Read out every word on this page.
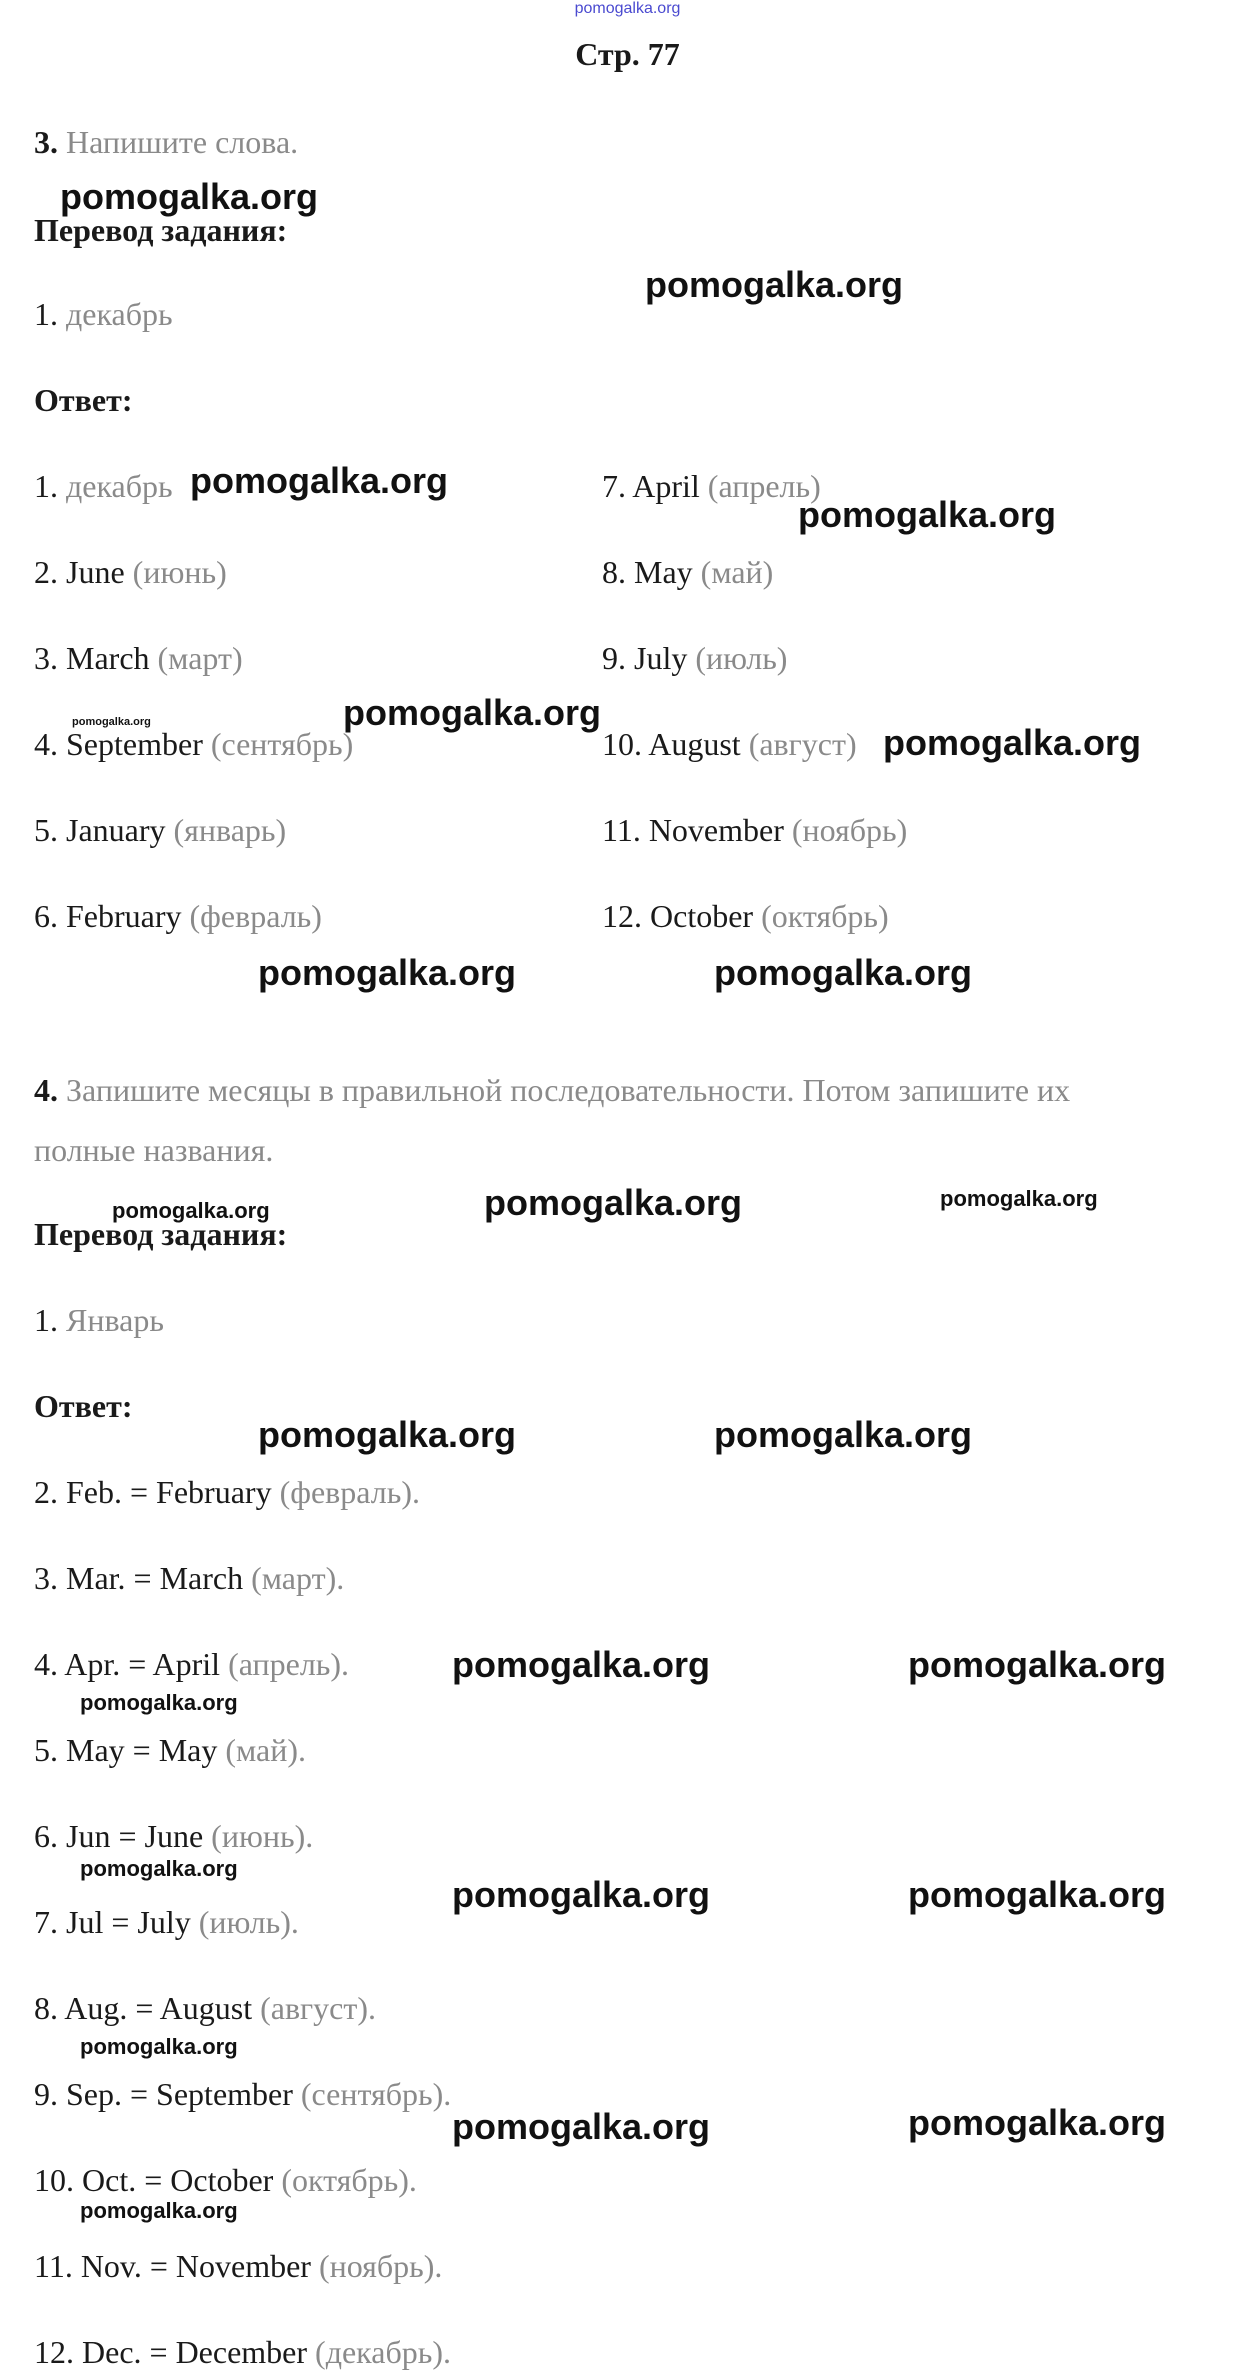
pomogalka.org
Стр. 77
3. Напишите слова.
Перевод задания:
1. декабрь
Ответ:
1. декабрь
2. June (июнь)
3. March (март)
4. September (сентябрь)
5. January (январь)
6. February (февраль)
7. April (апрель)
8. May (май)
9. July (июль)
10. August (август)
11. November (ноябрь)
12. October (октябрь)
4. Запишите месяцы в правильной последовательности. Потом запишите их
полные названия.
Перевод задания:
1. Январь
Ответ:
2. Feb. = February (февраль).
3. Mar. = March (март).
4. Apr. = April (апрель).
5. May = May (май).
6. Jun = June (июнь).
7. Jul = July (июль).
8. Aug. = August (август).
9. Sep. = September (сентябрь).
10. Oct. = October (октябрь).
11. Nov. = November (ноябрь).
12. Dec. = December (декабрь).
pomogalka.org
pomogalka.org
pomogalka.org
pomogalka.org
pomogalka.org	pomogalka.org
pomogalka.org
pomogalka.org	pomogalka.org
pomogalka.org	pomogalka.org	pomogalka.org
pomogalka.org	pomogalka.org
pomogalka.org	pomogalka.org
pomogalka.org
pomogalka.org
pomogalka.org	pomogalka.org
pomogalka.org
pomogalka.org	pomogalka.org
pomogalka.org
